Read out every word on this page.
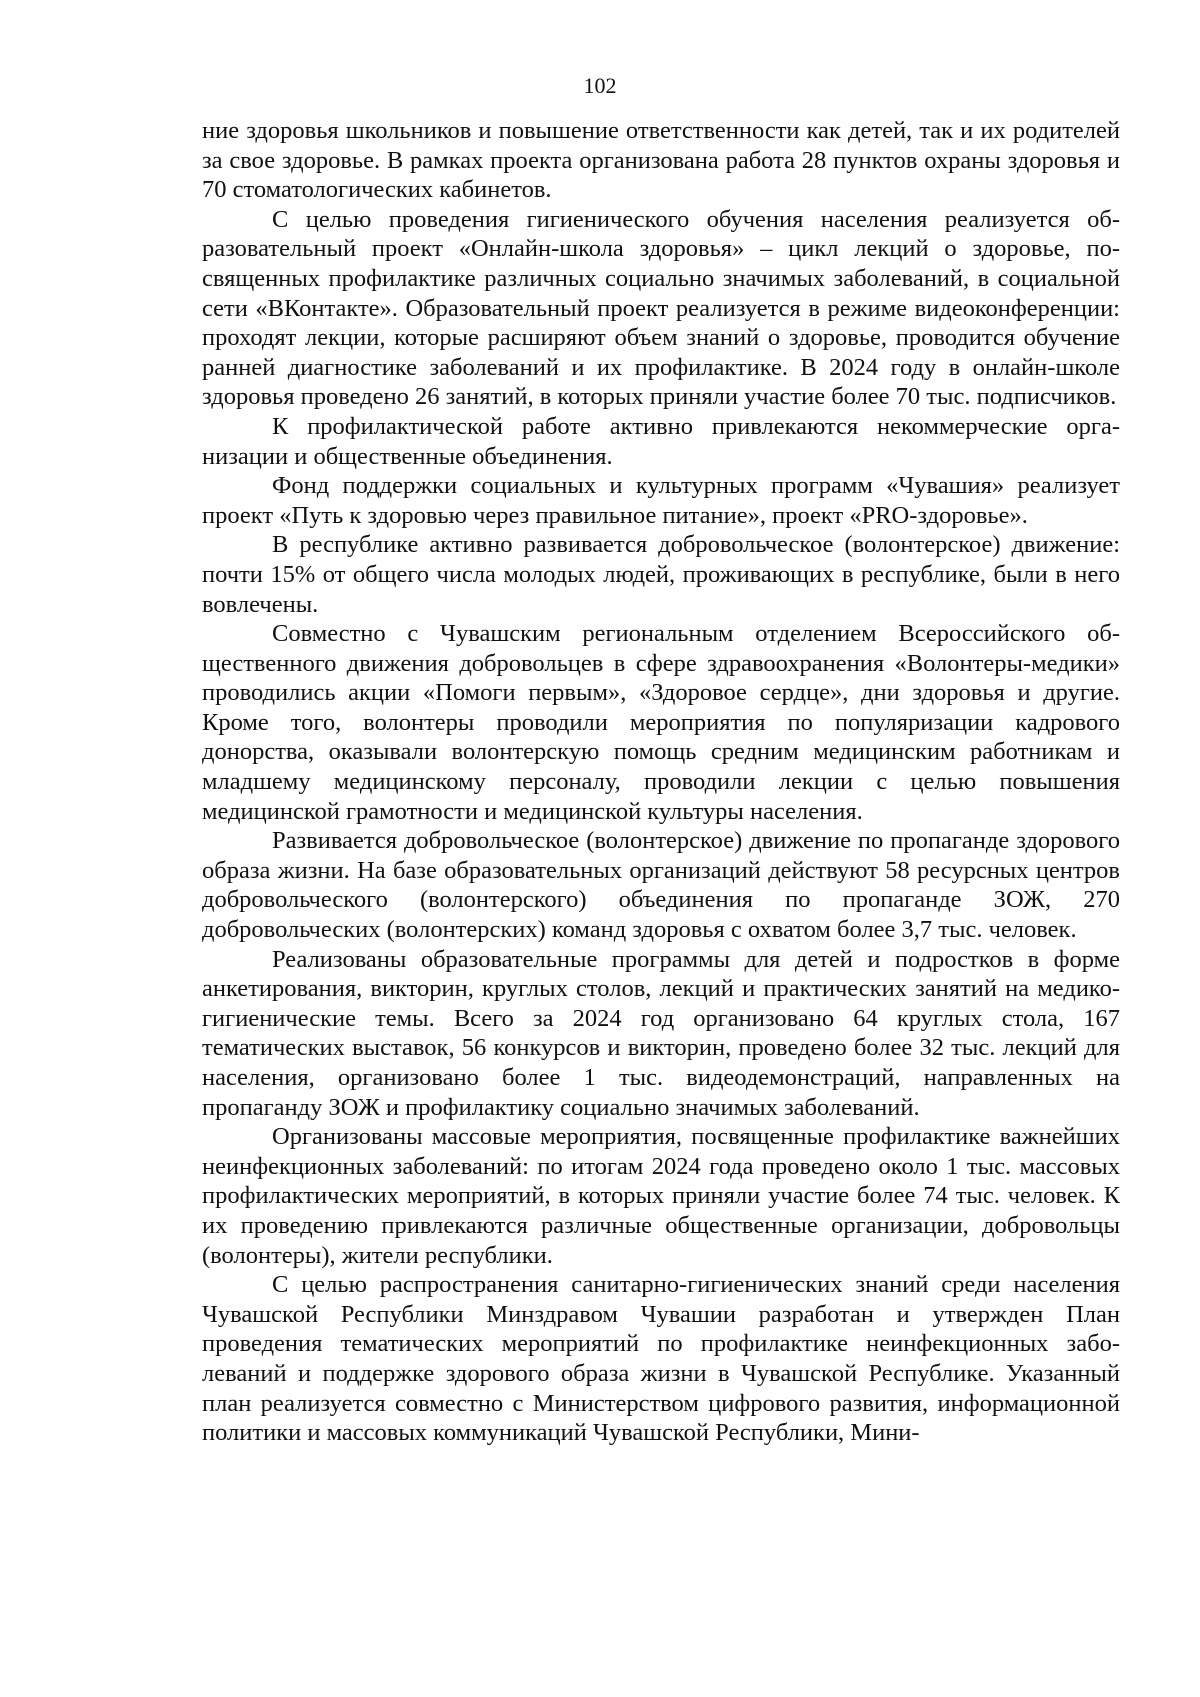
102

ние здоровья школьников и повышение ответственности как детей, так и их родителей за свое здоровье. В рамках проекта организована работа 28 пунктов охраны здоровья и 70 стоматологических кабинетов.

С целью проведения гигиенического обучения населения реализуется образовательный проект «Онлайн-школа здоровья» – цикл лекций о здоровье, посвященных профилактике различных социально значимых заболеваний, в социальной сети «ВКонтакте». Образовательный проект реализуется в режиме видеоконференции: проходят лекции, которые расширяют объем знаний о здоровье, проводится обучение ранней диагностике заболеваний и их профилактике. В 2024 году в онлайн-школе здоровья проведено 26 занятий, в которых приняли участие более 70 тыс. подписчиков.

К профилактической работе активно привлекаются некоммерческие организации и общественные объединения.

Фонд поддержки социальных и культурных программ «Чувашия» реализует проект «Путь к здоровью через правильное питание», проект «PRO-здоровье».

В республике активно развивается добровольческое (волонтерское) движение: почти 15% от общего числа молодых людей, проживающих в республике, были в него вовлечены.

Совместно с Чувашским региональным отделением Всероссийского общественного движения добровольцев в сфере здравоохранения «Волонтеры-медики» проводились акции «Помоги первым», «Здоровое сердце», дни здоровья и другие. Кроме того, волонтеры проводили мероприятия по популяризации кадрового донорства, оказывали волонтерскую помощь средним медицинским работникам и младшему медицинскому персоналу, проводили лекции с целью повышения медицинской грамотности и медицинской культуры населения.

Развивается добровольческое (волонтерское) движение по пропаганде здорового образа жизни. На базе образовательных организаций действуют 58 ресурсных центров добровольческого (волонтерского) объединения по пропаганде ЗОЖ, 270 добровольческих (волонтерских) команд здоровья с охватом более 3,7 тыс. человек.

Реализованы образовательные программы для детей и подростков в форме анкетирования, викторин, круглых столов, лекций и практических занятий на медико-гигиенические темы. Всего за 2024 год организовано 64 круглых стола, 167 тематических выставок, 56 конкурсов и викторин, проведено более 32 тыс. лекций для населения, организовано более 1 тыс. видеодемонстраций, направленных на пропаганду ЗОЖ и профилактику социально значимых заболеваний.

Организованы массовые мероприятия, посвященные профилактике важнейших неинфекционных заболеваний: по итогам 2024 года проведено около 1 тыс. массовых профилактических мероприятий, в которых приняли участие более 74 тыс. человек. К их проведению привлекаются различные общественные организации, добровольцы (волонтеры), жители республики.

С целью распространения санитарно-гигиенических знаний среди населения Чувашской Республики Минздравом Чувашии разработан и утвержден План проведения тематических мероприятий по профилактике неинфекционных заболеваний и поддержке здорового образа жизни в Чувашской Республике. Указанный план реализуется совместно с Министерством цифрового развития, информационной политики и массовых коммуникаций Чувашской Республики, Мини-
